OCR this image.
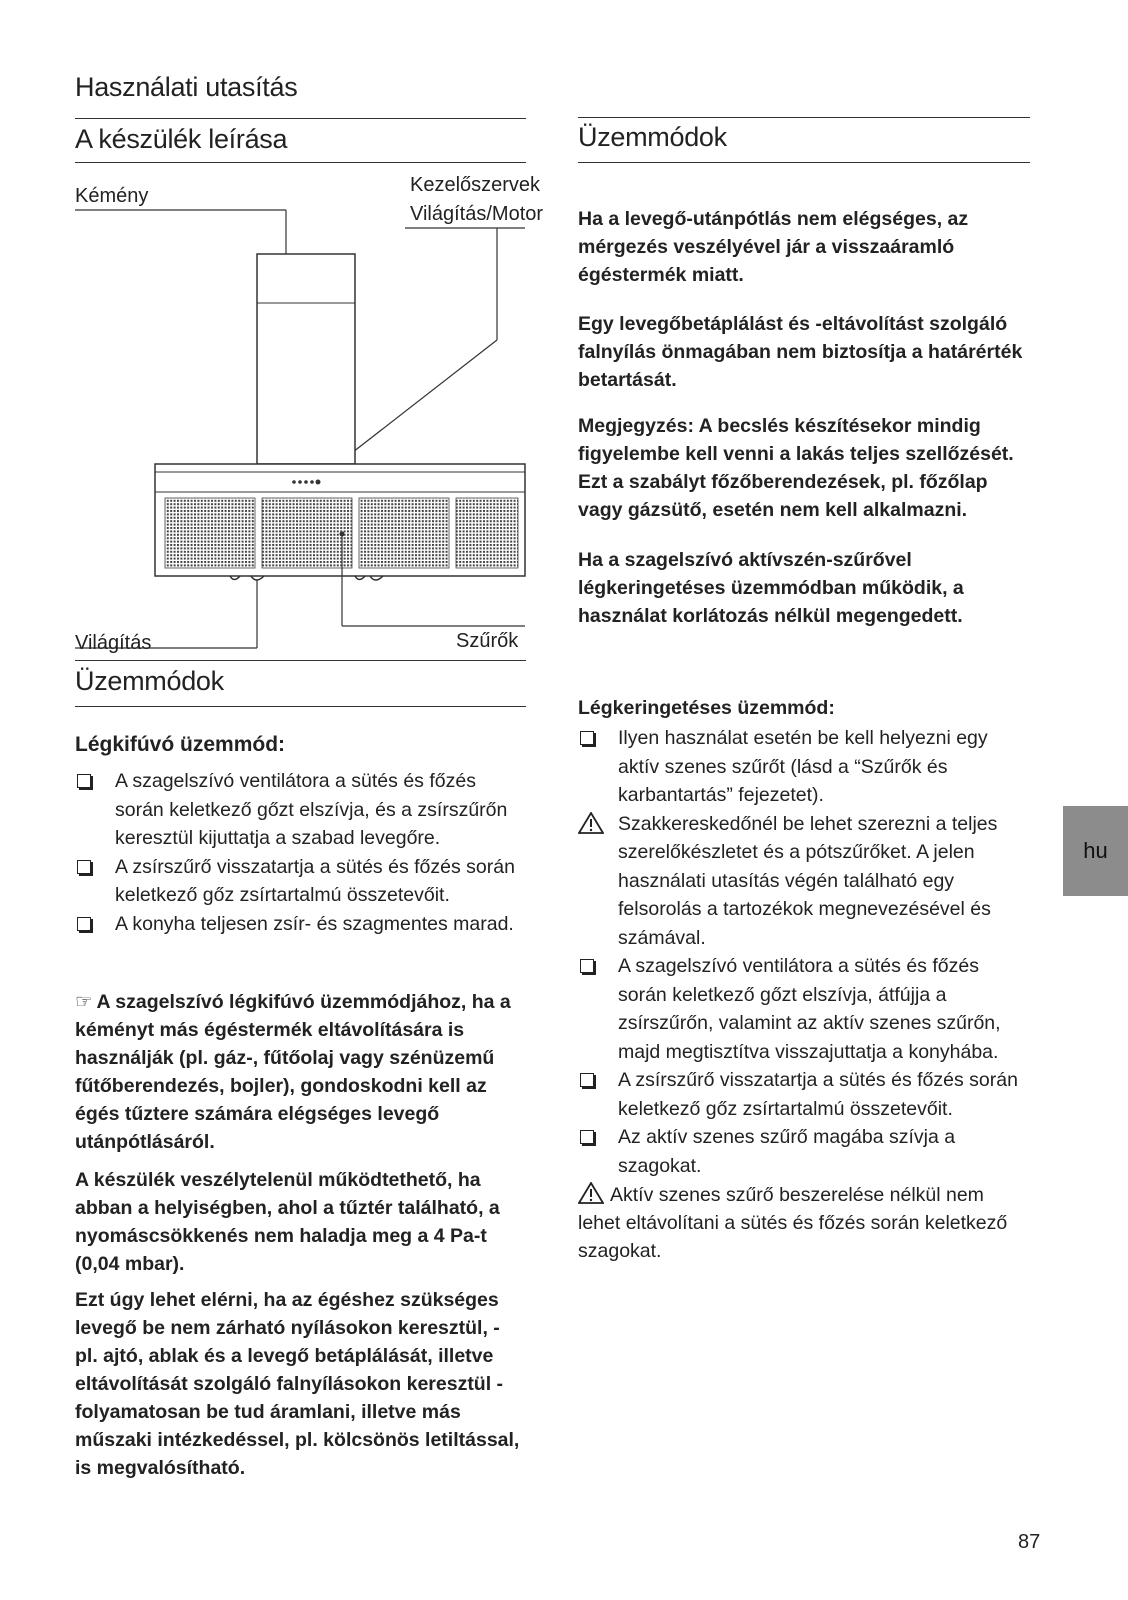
Használati utasítás
A készülék leírása
Kémény	Kezelőszervek
Világítás/Motor
Világítás	Szűrők
Üzemmódok
Légkifúvó üzemmód:
A szagelszívó ventilátora a sütés és főzés során keletkező gőzt elszívja, és a zsírszűrőn keresztül kijuttatja a szabad levegőre.
A zsírszűrő visszatartja a sütés és főzés során keletkező gőz zsírtartalmú összetevőit.
A konyha teljesen zsír- és szagmentes marad.
☞ A szagelszívó légkifúvó üzemmódjához, ha a kéményt más égéstermék eltávolítására is használják (pl. gáz-, fűtőolaj vagy szénüzemű fűtőberendezés, bojler), gondoskodni kell az égés tűztere számára elégséges levegő utánpótlásáról.
A készülék veszélytelenül működtethető, ha abban a helyiségben, ahol a tűztér található, a nyomáscsökkenés nem haladja meg a 4 Pa-t (0,04 mbar).
Ezt úgy lehet elérni, ha az égéshez szükséges levegő be nem zárható nyílásokon keresztül, - pl. ajtó, ablak és a levegő betáplálását, illetve eltávolítását szolgáló falnyílásokon keresztül - folyamatosan be tud áramlani, illetve más műszaki intézkedéssel, pl. kölcsönös letiltással, is megvalósítható.
Üzemmódok
Ha a levegő-utánpótlás nem elégséges, az mérgezés veszélyével jár a visszaáramló égéstermék miatt.
Egy levegőbetáplálást és -eltávolítást szolgáló falnyílás önmagában nem biztosítja a határérték betartását.
Megjegyzés: A becslés készítésekor mindig figyelembe kell venni a lakás teljes szellőzését. Ezt a szabályt főzőberendezések, pl. főzőlap vagy gázsütő, esetén nem kell alkalmazni.
Ha a szagelszívó aktívszén-szűrővel légkeringetéses üzemmódban működik, a használat korlátozás nélkül megengedett.
Légkeringetéses üzemmód:
Ilyen használat esetén be kell helyezni egy aktív szenes szűrőt (lásd a “Szűrők és karbantartás” fejezetet).
Szakkereskedőnél be lehet szerezni a teljes szerelőkészletet és a pótszűrőket. A jelen használati utasítás végén található egy felsorolás a tartozékok megnevezésével és számával.
A szagelszívó ventilátora a sütés és főzés során keletkező gőzt elszívja, átfújja a zsírszűrőn, valamint az aktív szenes szűrőn, majd megtisztítva visszajuttatja a konyhába.
A zsírszűrő visszatartja a sütés és főzés során keletkező gőz zsírtartalmú összetevőit.
Az aktív szenes szűrő magába szívja a szagokat.
Aktív szenes szűrő beszerelése nélkül nem lehet eltávolítani a sütés és főzés során keletkező szagokat.
hu
87
